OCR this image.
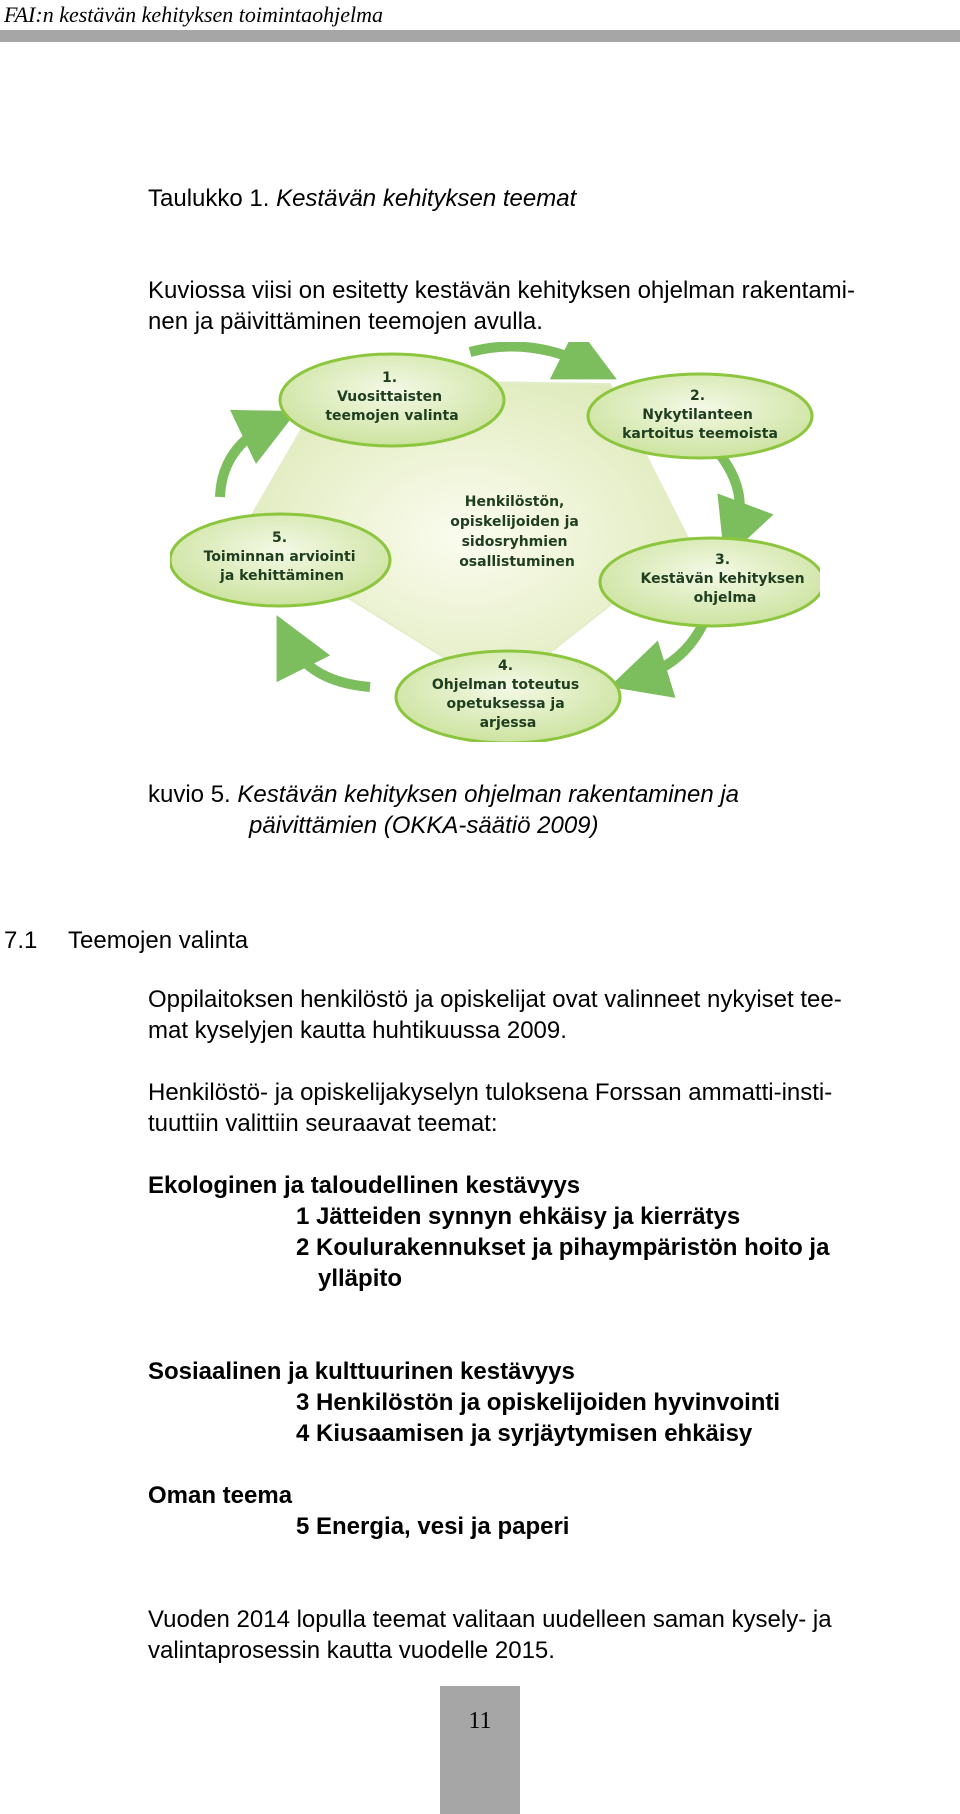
FAI:n kestävän kehityksen toimintaohjelma
Taulukko 1. Kestävän kehityksen teemat
Kuviossa viisi on esitetty kestävän kehityksen ohjelman rakentami-
nen ja päivittäminen teemojen avulla.
Henkilöstön, opiskelijoiden ja sidosryhmien osallistuminen
1. Vuosittaisten teemojen valinta
2. Nykytilanteen kartoitus teemoista
3. Kestävän kehityksen ohjelma
4. Ohjelman toteutus opetuksessa ja arjessa
5. Toiminnan arviointi ja kehittäminen
kuvio 5. Kestävän kehityksen ohjelman rakentaminen ja
päivittämien (OKKA-säätiö 2009)
7.1 Teemojen valinta
Oppilaitoksen henkilöstö ja opiskelijat ovat valinneet nykyiset tee-
mat kyselyjen kautta huhtikuussa 2009.
Henkilöstö- ja opiskelijakyselyn tuloksena Forssan ammatti-insti-
tuuttiin valittiin seuraavat teemat:
Ekologinen ja taloudellinen kestävyys
1 Jätteiden synnyn ehkäisy ja kierrätys
2 Koulurakennukset ja pihaympäristön hoito ja
ylläpito
Sosiaalinen ja kulttuurinen kestävyys
3 Henkilöstön ja opiskelijoiden hyvinvointi
4 Kiusaamisen ja syrjäytymisen ehkäisy
Oman teema
5 Energia, vesi ja paperi
Vuoden 2014 lopulla teemat valitaan uudelleen saman kysely- ja
valintaprosessin kautta vuodelle 2015.
11
